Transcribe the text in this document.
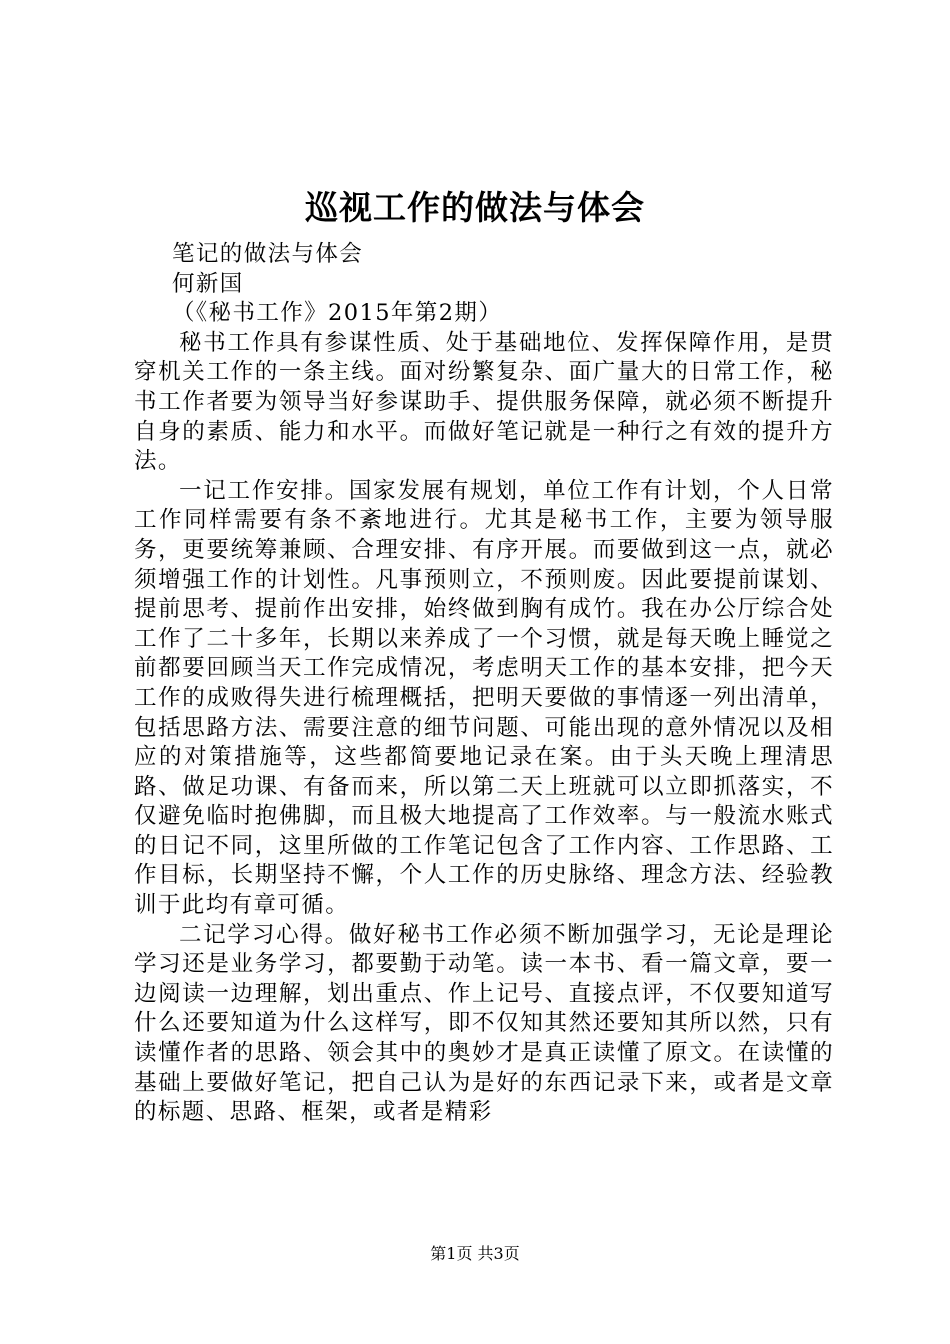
巡视工作的做法与体会

笔记的做法与体会

何新国

（《秘书工作》2015年第2期）

秘书工作具有参谋性质、处于基础地位、发挥保障作用，是贯穿机关工作的一条主线。面对纷繁复杂、面广量大的日常工作，秘书工作者要为领导当好参谋助手、提供服务保障，就必须不断提升自身的素质、能力和水平。而做好笔记就是一种行之有效的提升方法。

一记工作安排。国家发展有规划，单位工作有计划，个人日常工作同样需要有条不紊地进行。尤其是秘书工作，主要为领导服务，更要统筹兼顾、合理安排、有序开展。而要做到这一点，就必须增强工作的计划性。凡事预则立，不预则废。因此要提前谋划、提前思考、提前作出安排，始终做到胸有成竹。我在办公厅综合处工作了二十多年，长期以来养成了一个习惯，就是每天晚上睡觉之前都要回顾当天工作完成情况，考虑明天工作的基本安排，把今天工作的成败得失进行梳理概括，把明天要做的事情逐一列出清单，包括思路方法、需要注意的细节问题、可能出现的意外情况以及相应的对策措施等，这些都简要地记录在案。由于头天晚上理清思路、做足功课、有备而来，所以第二天上班就可以立即抓落实，不仅避免临时抱佛脚，而且极大地提高了工作效率。与一般流水账式的日记不同，这里所做的工作笔记包含了工作内容、工作思路、工作目标，长期坚持不懈，个人工作的历史脉络、理念方法、经验教训于此均有章可循。

二记学习心得。做好秘书工作必须不断加强学习，无论是理论学习还是业务学习，都要勤于动笔。读一本书、看一篇文章，要一边阅读一边理解，划出重点、作上记号、直接点评，不仅要知道写什么还要知道为什么这样写，即不仅知其然还要知其所以然，只有读懂作者的思路、领会其中的奥妙才是真正读懂了原文。在读懂的基础上要做好笔记，把自己认为是好的东西记录下来，或者是文章的标题、思路、框架，或者是精彩

第1页 共3页
